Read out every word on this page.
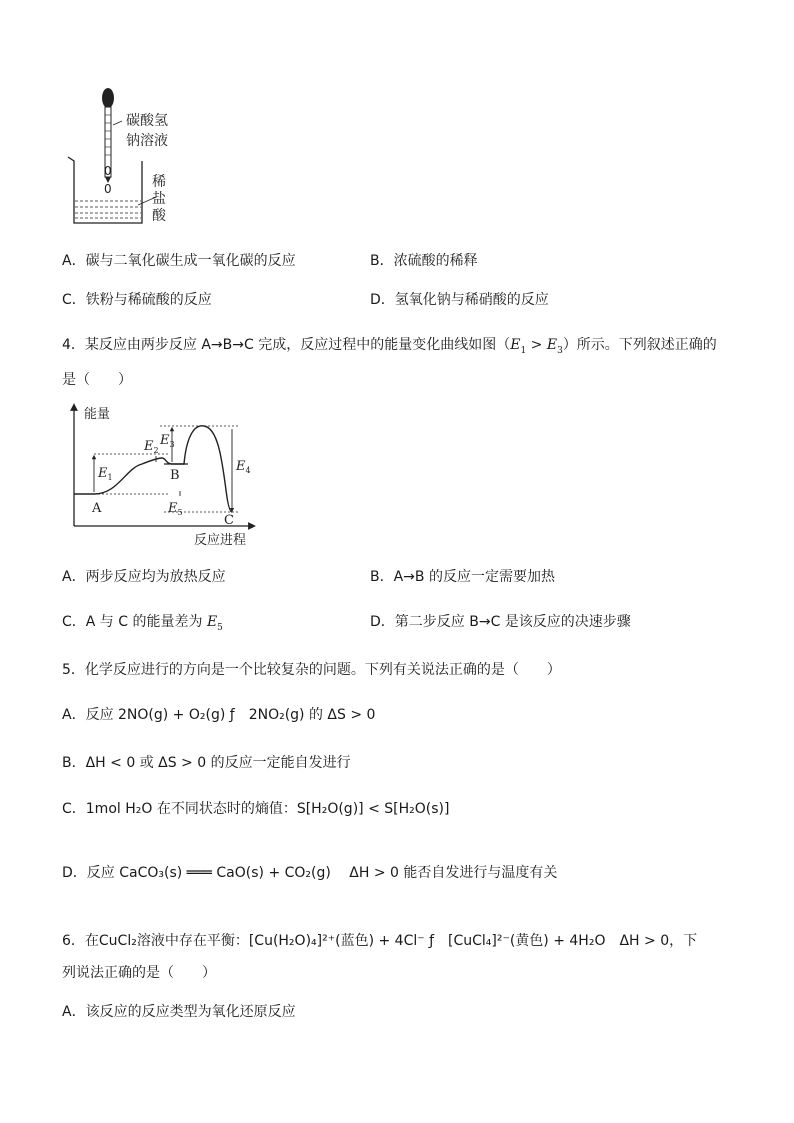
0
0
碳酸氢
钠溶液
稀
盐
酸
A．碳与二氧化碳生成一氧化碳的反应	B．浓硫酸的稀释
C．铁粉与稀硫酸的反应	D．氢氧化钠与稀硝酸的反应
4．某反应由两步反应 A→B→C 完成，反应过程中的能量变化曲线如图$(E_1 > E_3)$所示。下列叙述正确的
是（　　）
能量
反应进程
$E_1$
$E_2$
$E_3$
$E_4$
$E_5$
A
B
C
A．两步反应均为放热反应	B．A→B 的反应一定需要加热
C．A 与 C 的能量差为 $E_5$	D．第二步反应 B→C 是该反应的决速步骤
5．化学反应进行的方向是一个比较复杂的问题。下列有关说法正确的是（　　）
A．反应 2NO(g) + O₂(g) ƒ　2NO₂(g) 的 ΔS > 0
B．ΔH < 0 或 ΔS > 0 的反应一定能自发进行
C．1mol H₂O 在不同状态时的熵值：S[H₂O(g)] < S[H₂O(s)]
D．反应 CaCO₃(s) ═══ CaO(s) + CO₂(g)　 ΔH > 0 能否自发进行与温度有关
6．在CuCl₂溶液中存在平衡：[Cu(H₂O)₄]²⁺(蓝色) + 4Cl⁻ ƒ　[CuCl₄]²⁻(黄色) + 4H₂O　ΔH > 0，下
列说法正确的是（　　）
A．该反应的反应类型为氧化还原反应
